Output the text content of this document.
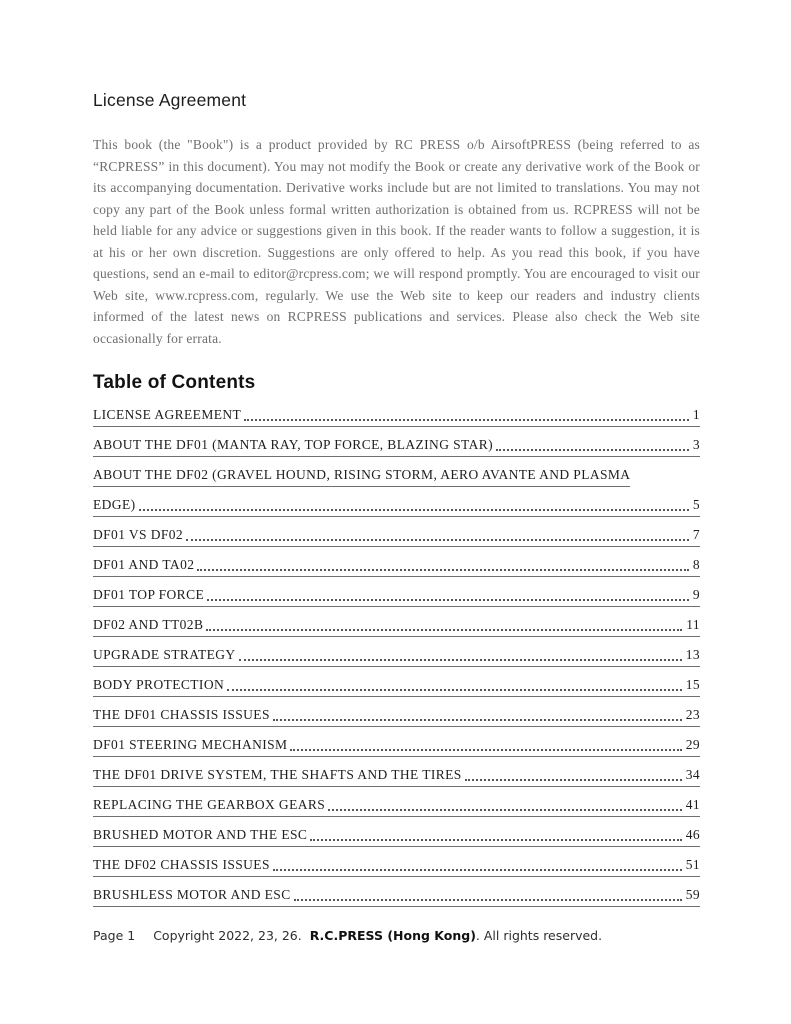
License Agreement
This book (the "Book") is a product provided by RC PRESS o/b AirsoftPRESS (being referred to as “RCPRESS” in this document). You may not modify the Book or create any derivative work of the Book or its accompanying documentation. Derivative works include but are not limited to translations. You may not copy any part of the Book unless formal written authorization is obtained from us. RCPRESS will not be held liable for any advice or suggestions given in this book. If the reader wants to follow a suggestion, it is at his or her own discretion. Suggestions are only offered to help. As you read this book, if you have questions, send an e-mail to editor@rcpress.com; we will respond promptly. You are encouraged to visit our Web site, www.rcpress.com, regularly. We use the Web site to keep our readers and industry clients informed of the latest news on RCPRESS publications and services. Please also check the Web site occasionally for errata.
Table of Contents
LICENSE AGREEMENT	1
ABOUT THE DF01 (MANTA RAY, TOP FORCE, BLAZING STAR)	3
ABOUT THE DF02 (GRAVEL HOUND, RISING STORM, AERO AVANTE AND PLASMA
EDGE)	5
DF01 VS DF02	7
DF01 AND TA02	8
DF01 TOP FORCE	9
DF02 AND TT02B	11
UPGRADE STRATEGY	13
BODY PROTECTION	15
THE DF01 CHASSIS ISSUES	23
DF01 STEERING MECHANISM	29
THE DF01 DRIVE SYSTEM, THE SHAFTS AND THE TIRES	34
REPLACING THE GEARBOX GEARS	41
BRUSHED MOTOR AND THE ESC	46
THE DF02 CHASSIS ISSUES	51
BRUSHLESS MOTOR AND ESC	59
Page 1 Copyright 2022, 23, 26.  R.C.PRESS (Hong Kong). All rights reserved.
